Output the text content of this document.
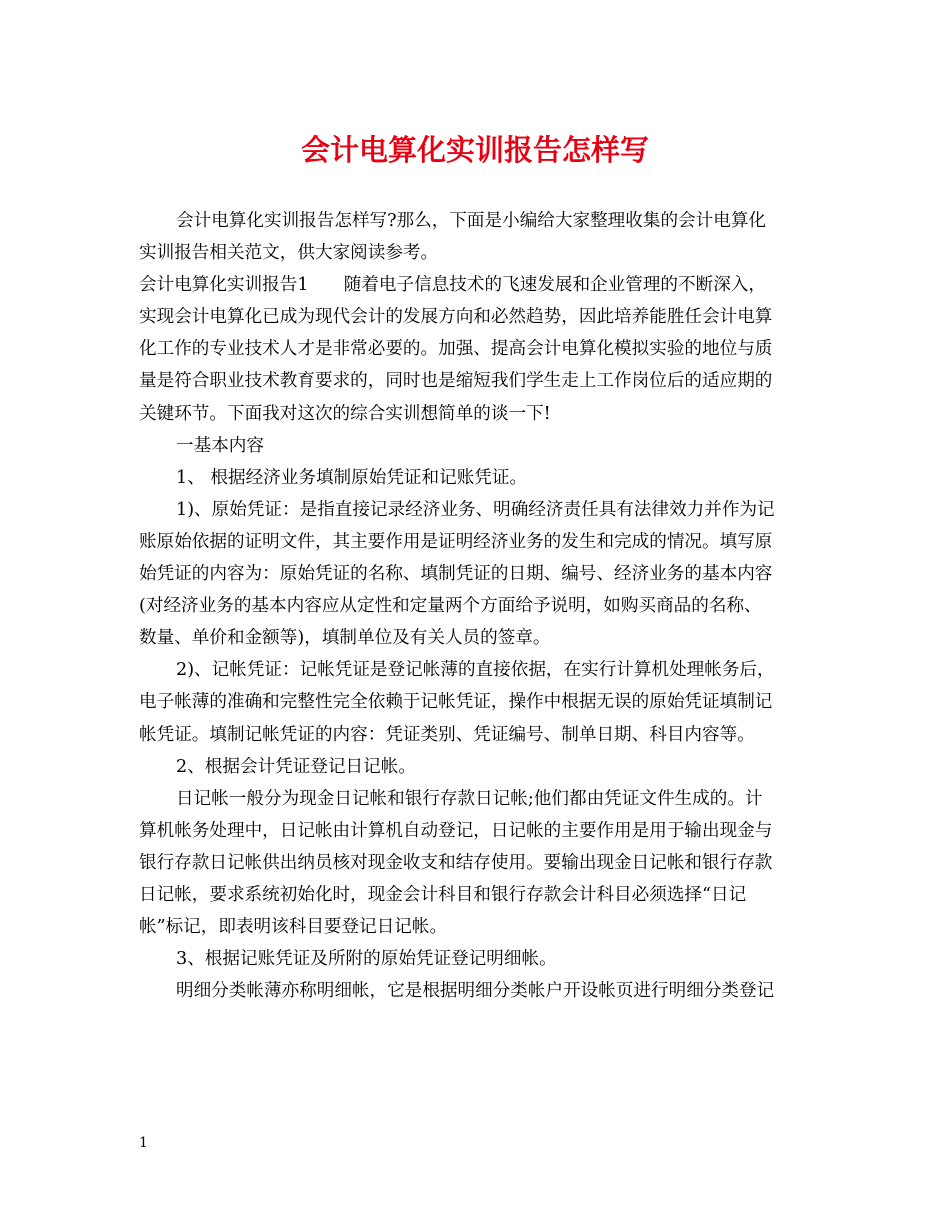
会计电算化实训报告怎样写
会计电算化实训报告怎样写?那么，下面是小编给大家整理收集的会计电算化
实训报告相关范文，供大家阅读参考。
会计电算化实训报告1　　随着电子信息技术的飞速发展和企业管理的不断深入，
实现会计电算化已成为现代会计的发展方向和必然趋势，因此培养能胜任会计电算
化工作的专业技术人才是非常必要的。加强、提高会计电算化模拟实验的地位与质
量是符合职业技术教育要求的，同时也是缩短我们学生走上工作岗位后的适应期的
关键环节。下面我对这次的综合实训想简单的谈一下!
一基本内容
1、 根据经济业务填制原始凭证和记账凭证。
1)、原始凭证：是指直接记录经济业务、明确经济责任具有法律效力并作为记
账原始依据的证明文件，其主要作用是证明经济业务的发生和完成的情况。填写原
始凭证的内容为：原始凭证的名称、填制凭证的日期、编号、经济业务的基本内容
(对经济业务的基本内容应从定性和定量两个方面给予说明，如购买商品的名称、
数量、单价和金额等)，填制单位及有关人员的签章。
2)、记帐凭证：记帐凭证是登记帐薄的直接依据，在实行计算机处理帐务后，
电子帐薄的准确和完整性完全依赖于记帐凭证，操作中根据无误的原始凭证填制记
帐凭证。填制记帐凭证的内容：凭证类别、凭证编号、制单日期、科目内容等。
2、根据会计凭证登记日记帐。
日记帐一般分为现金日记帐和银行存款日记帐;他们都由凭证文件生成的。计
算机帐务处理中，日记帐由计算机自动登记，日记帐的主要作用是用于输出现金与
银行存款日记帐供出纳员核对现金收支和结存使用。要输出现金日记帐和银行存款
日记帐，要求系统初始化时，现金会计科目和银行存款会计科目必须选择“日记
帐”标记，即表明该科目要登记日记帐。
3、根据记账凭证及所附的原始凭证登记明细帐。
明细分类帐薄亦称明细帐，它是根据明细分类帐户开设帐页进行明细分类登记
1
